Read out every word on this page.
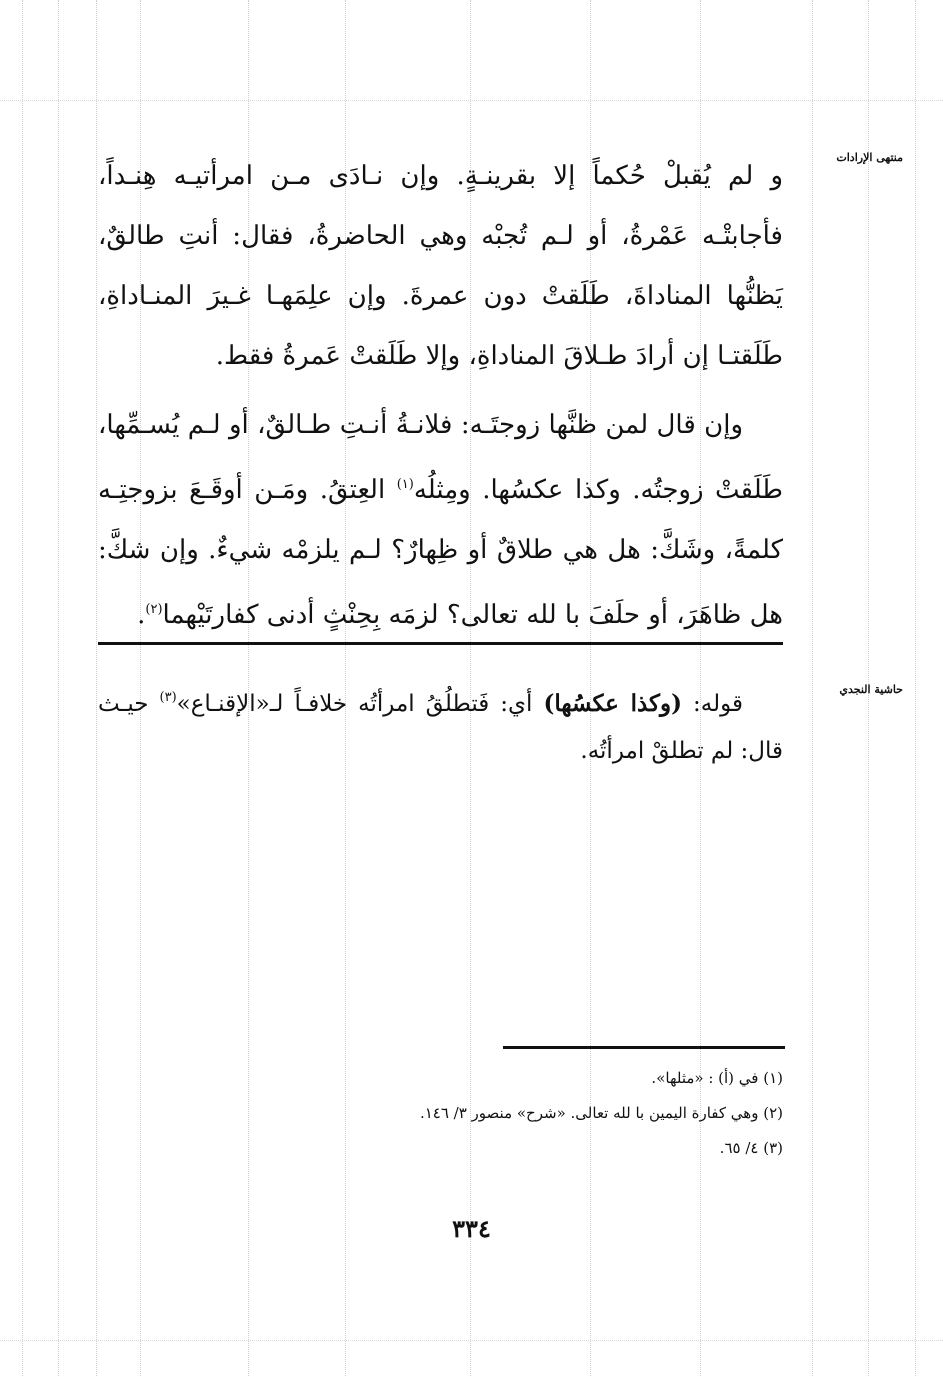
منتهى الإرادات
حاشية النجدي

و لم يُقبلْ حُكماً إلا بقرينـةٍ. وإن نـادَى مـن امرأتيـه هِنـداً، فأجابتْـه عَمْرةُ، أو لـم تُجبْه وهي الحاضرةُ، فقال: أنتِ طالقٌ، يَظنُّها المناداةَ، طَلَقتْ دون عمرةَ. وإن علِمَهـا غـيرَ المنـاداةِ، طَلَقتـا إن أرادَ طـلاقَ المناداةِ، وإلا طَلَقتْ عَمرةُ فقط.

وإن قال لمن ظنَّها زوجتَـه: فلانـةُ أنـتِ طـالقٌ، أو لـم يُسـمِّها، طَلَقتْ زوجتُه. وكذا عكسُها. ومِثلُه$^{(١)}$ العِتقُ. ومَـن أوقَـعَ بزوجتِـه كلمةً، وشَكَّ: هل هي طلاقٌ أو ظِهارٌ؟ لـم يلزمْه شيءٌ. وإن شكَّ: هل ظاهَرَ، أو حلَفَ با لله تعالى؟ لزمَه بِحِنْثٍ أدنى كفارتَيْهما$^{(٢)}$.

قوله: (وكذا عكسُها) أي: فَتطلُقُ امرأتُه خلافـاً لـ«الإقنـاع»$^{(٣)}$ حيـث قال: لم تطلقْ امرأتُه.

(١) في (أ) : «مثلها».
(٢) وهي كفارة اليمين با لله تعالى. «شرح» منصور ٣/ ١٤٦.
(٣) ٤/ ٦٥.
٣٣٤
